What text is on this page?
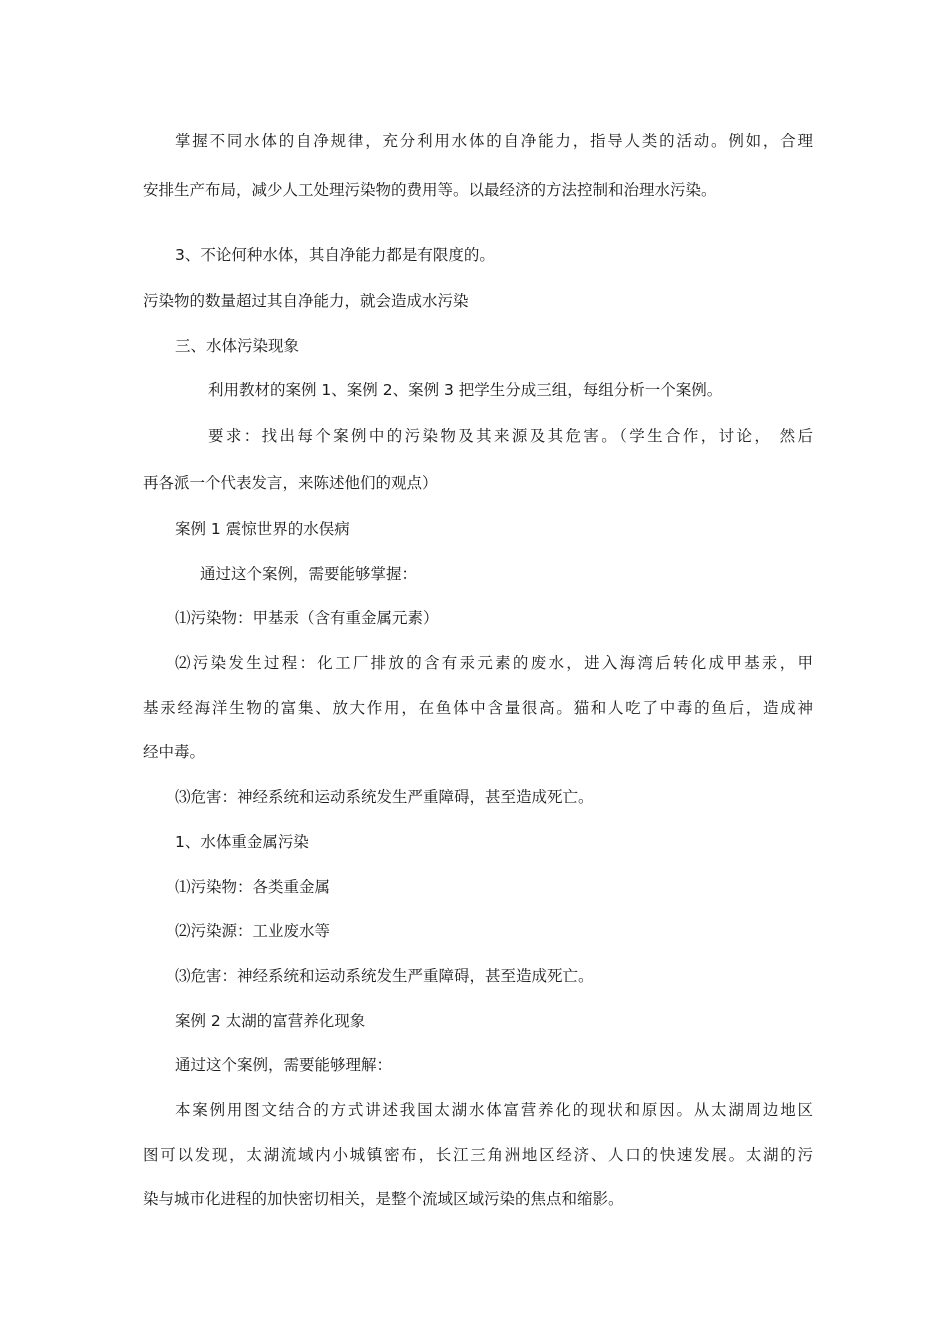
掌握不同水体的自净规律，充分利用水体的自净能力，指导人类的活动。例如，合理
安排生产布局，减少人工处理污染物的费用等。以最经济的方法控制和治理水污染。
3、不论何种水体，其自净能力都是有限度的。
污染物的数量超过其自净能力，就会造成水污染
三、水体污染现象
利用教材的案例 1、案例 2、案例 3 把学生分成三组，每组分析一个案例。
要求：找出每个案例中的污染物及其来源及其危害。（学生合作，讨论， 然后
再各派一个代表发言，来陈述他们的观点）
案例 1 震惊世界的水俣病
通过这个案例，需要能够掌握：
⑴污染物：甲基汞（含有重金属元素）
⑵污染发生过程：化工厂排放的含有汞元素的废水，进入海湾后转化成甲基汞，甲
基汞经海洋生物的富集、放大作用，在鱼体中含量很高。猫和人吃了中毒的鱼后，造成神
经中毒。
⑶危害：神经系统和运动系统发生严重障碍，甚至造成死亡。
1、水体重金属污染
⑴污染物：各类重金属
⑵污染源：工业废水等
⑶危害：神经系统和运动系统发生严重障碍，甚至造成死亡。
案例 2 太湖的富营养化现象
通过这个案例，需要能够理解：
本案例用图文结合的方式讲述我国太湖水体富营养化的现状和原因。从太湖周边地区
图可以发现，太湖流域内小城镇密布，长江三角洲地区经济、人口的快速发展。太湖的污
染与城市化进程的加快密切相关，是整个流域区域污染的焦点和缩影。
